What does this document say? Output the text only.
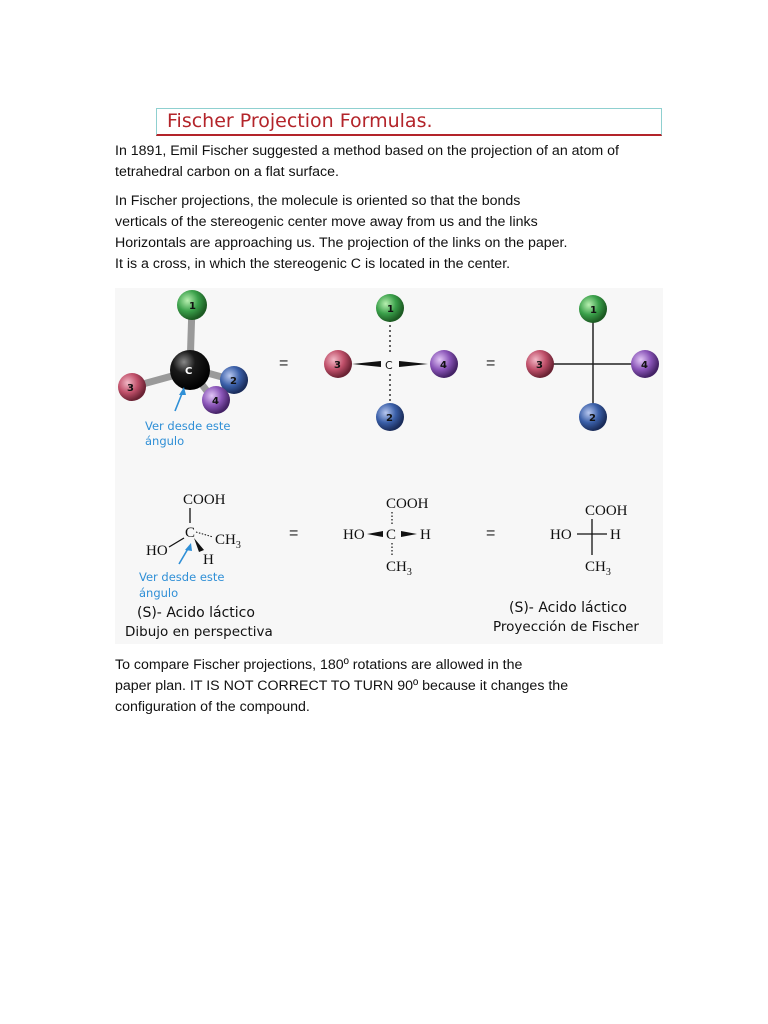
Fischer Projection Formulas.
In 1891, Emil Fischer suggested a method based on the projection of an atom of
tetrahedral carbon on a flat surface.
In Fischer projections, the molecule is oriented so that the bonds
verticals of the stereogenic center move away from us and the links
Horizontals are approaching us. The projection of the links on the paper.
It is a cross, in which the stereogenic C is located in the center.
C
1
3
2
4
Ver desde este
ángulo
=	C
1
3	4
2
=
1
3	4
2
COOH
C $CH_3$
HO
H
Ver desde este
ángulo
(S)- Acido láctico
Dibujo en perspectiva
=
COOH
C
HO	H
$CH_3$
=
COOH
HO	H
$CH_3$
(S)- Acido láctico
Proyección de Fischer
To compare Fischer projections, 180º rotations are allowed in the
paper plan. IT IS NOT CORRECT TO TURN 90º because it changes the
configuration of the compound.
